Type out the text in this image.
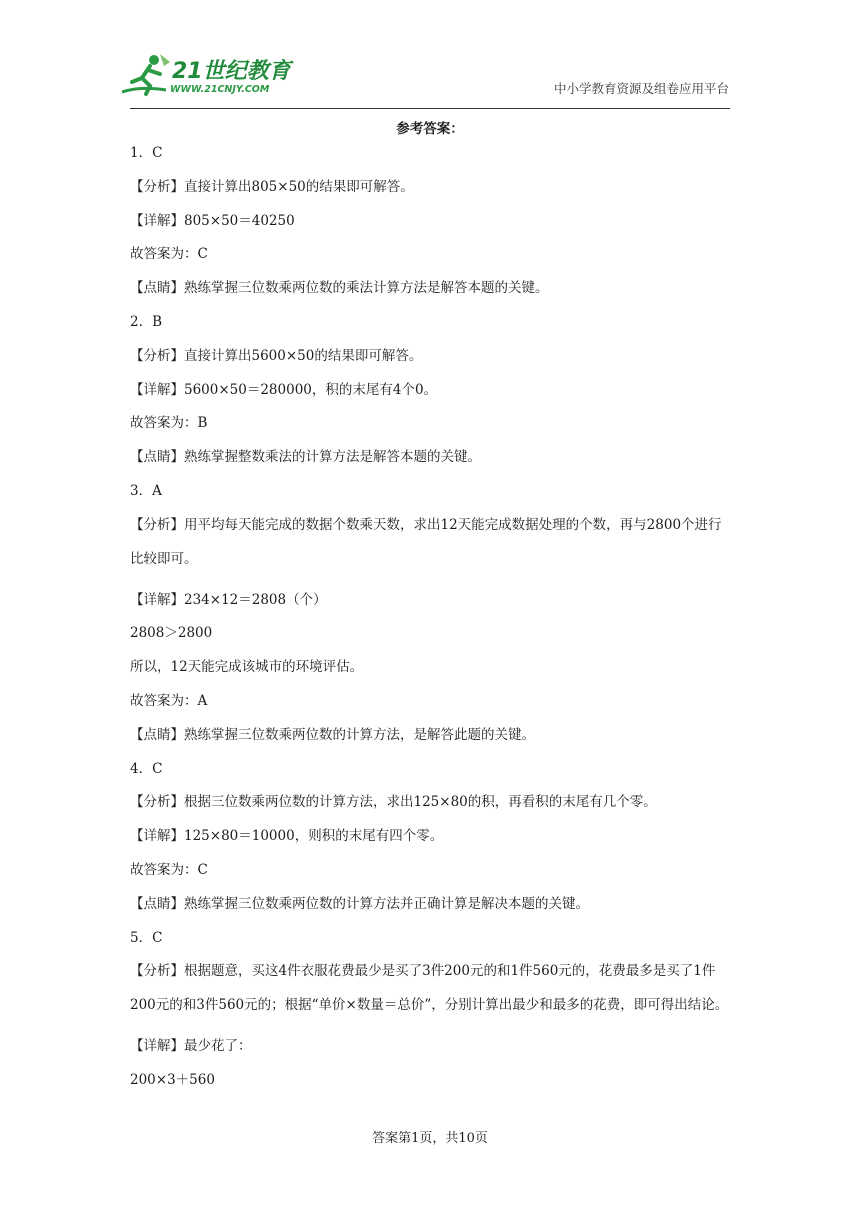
21世纪教育
WWW.21CNJY.COM	中小学教育资源及组卷应用平台
参考答案：
1．C
【分析】直接计算出805×50的结果即可解答。
【详解】805×50＝40250
故答案为：C
【点睛】熟练掌握三位数乘两位数的乘法计算方法是解答本题的关键。
2．B
【分析】直接计算出5600×50的结果即可解答。
【详解】5600×50＝280000，积的末尾有4个0。
故答案为：B
【点睛】熟练掌握整数乘法的计算方法是解答本题的关键。
3．A
【分析】用平均每天能完成的数据个数乘天数，求出12天能完成数据处理的个数，再与2800个进行比较即可。
【详解】234×12＝2808（个）
2808＞2800
所以，12天能完成该城市的环境评估。
故答案为：A
【点睛】熟练掌握三位数乘两位数的计算方法，是解答此题的关键。
4．C
【分析】根据三位数乘两位数的计算方法，求出125×80的积，再看积的末尾有几个零。
【详解】125×80＝10000，则积的末尾有四个零。
故答案为：C
【点睛】熟练掌握三位数乘两位数的计算方法并正确计算是解决本题的关键。
5．C
【分析】根据题意，买这4件衣服花费最少是买了3件200元的和1件560元的，花费最多是买了1件200元的和3件560元的；根据“单价×数量＝总价”，分别计算出最少和最多的花费，即可得出结论。
【详解】最少花了：
200×3＋560
答案第1页，共10页
